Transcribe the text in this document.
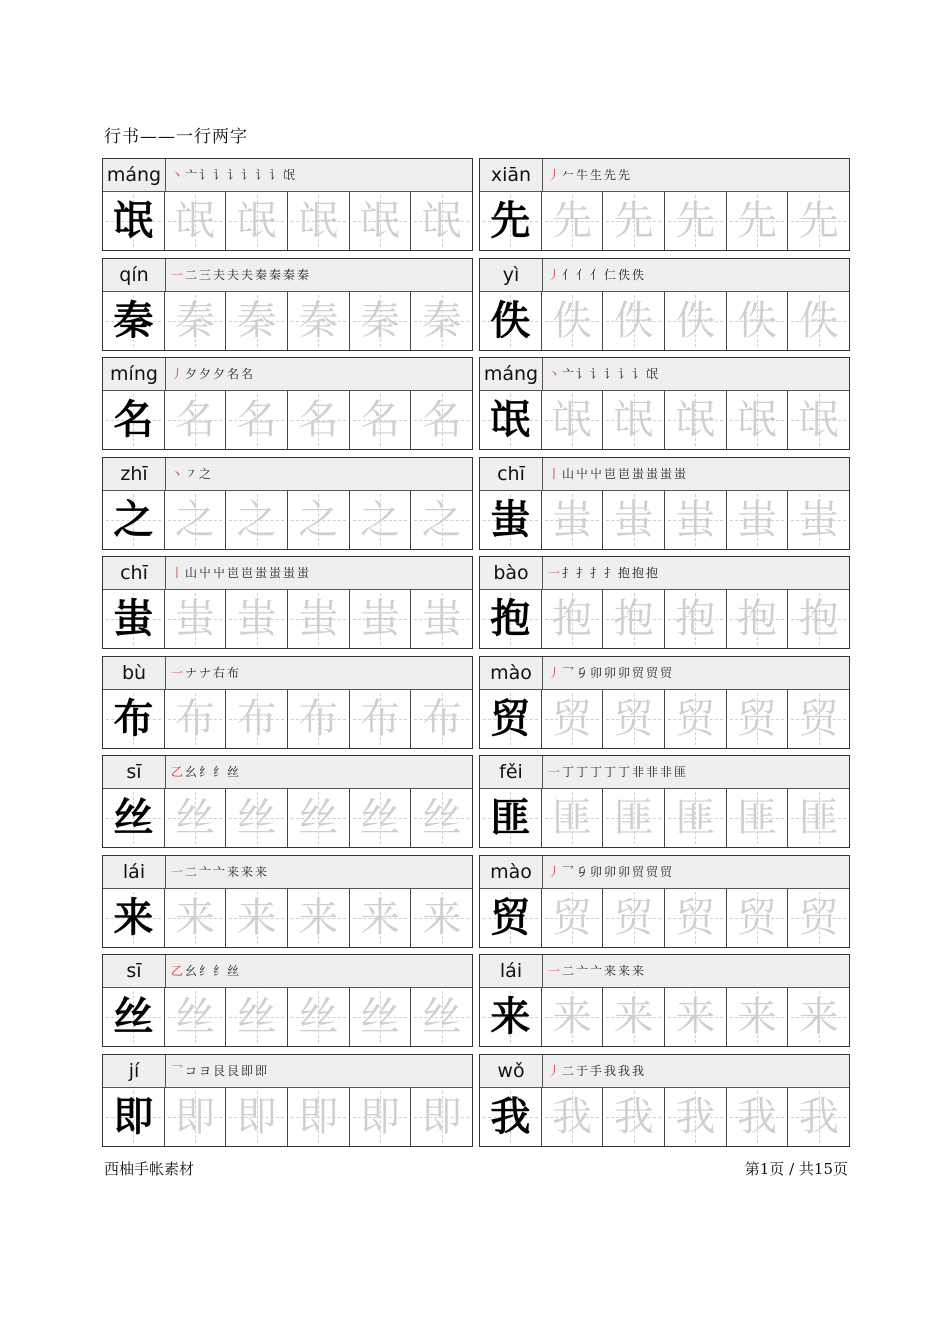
行书——一行两字
máng 丶 亠 讠 讠 讠 讠 讠 讠 氓
氓 氓 氓 氓 氓 氓
xiān	丿 𠂉 牛 生 先 先
先 先 先 先 先 先
qín	一 二 三 夫 夫 夫 秦 秦 秦 秦
秦 秦 秦 秦 秦 秦
yì	丿 亻 亻 亻 仁 佚 佚
佚 佚 佚 佚 佚 佚
míng	丿 夕 夕 夕 名 名
名 名 名 名 名 名
máng 丶 亠 讠 讠 讠 讠 讠 氓
氓 氓 氓 氓 氓 氓
zhī	丶 ㇇ 之
之 之 之 之 之 之
chī	丨 山 屮 屮 岜 岜 蚩 蚩 蚩 蚩
蚩 蚩 蚩 蚩 蚩 蚩
chī	丨 山 屮 屮 岜 岜 蚩 蚩 蚩 蚩
蚩 蚩 蚩 蚩 蚩 蚩
bào	一 扌 扌 扌 扌 抱 抱 抱
抱 抱 抱 抱 抱 抱
bù	一 ナ ナ 右 布
布 布 布 布 布 布
mào	丿 乛 𠂎 卯 卯 卯 贸 贸 贸
贸 贸 贸 贸 贸 贸
sī	乙 幺 纟 纟 丝
丝 丝 丝 丝 丝 丝
fěi	一 丁 丁 丁 丁 丁 非 非 非 匪
匪 匪 匪 匪 匪 匪
lái	一 二 亠 亠 来 来 来
来 来 来 来 来 来
mào	丿 乛 𠂎 卯 卯 卯 贸 贸 贸
贸 贸 贸 贸 贸 贸
sī	乙 幺 纟 纟 丝
丝 丝 丝 丝 丝 丝
lái	一 二 亠 亠 来 来 来
来 来 来 来 来 来
jí	乛 コ ヨ 艮 艮 即 即
即 即 即 即 即 即
wǒ	丿 二 于 手 我 我 我
我 我 我 我 我 我
西柚手帐素材	第1页 / 共15页
